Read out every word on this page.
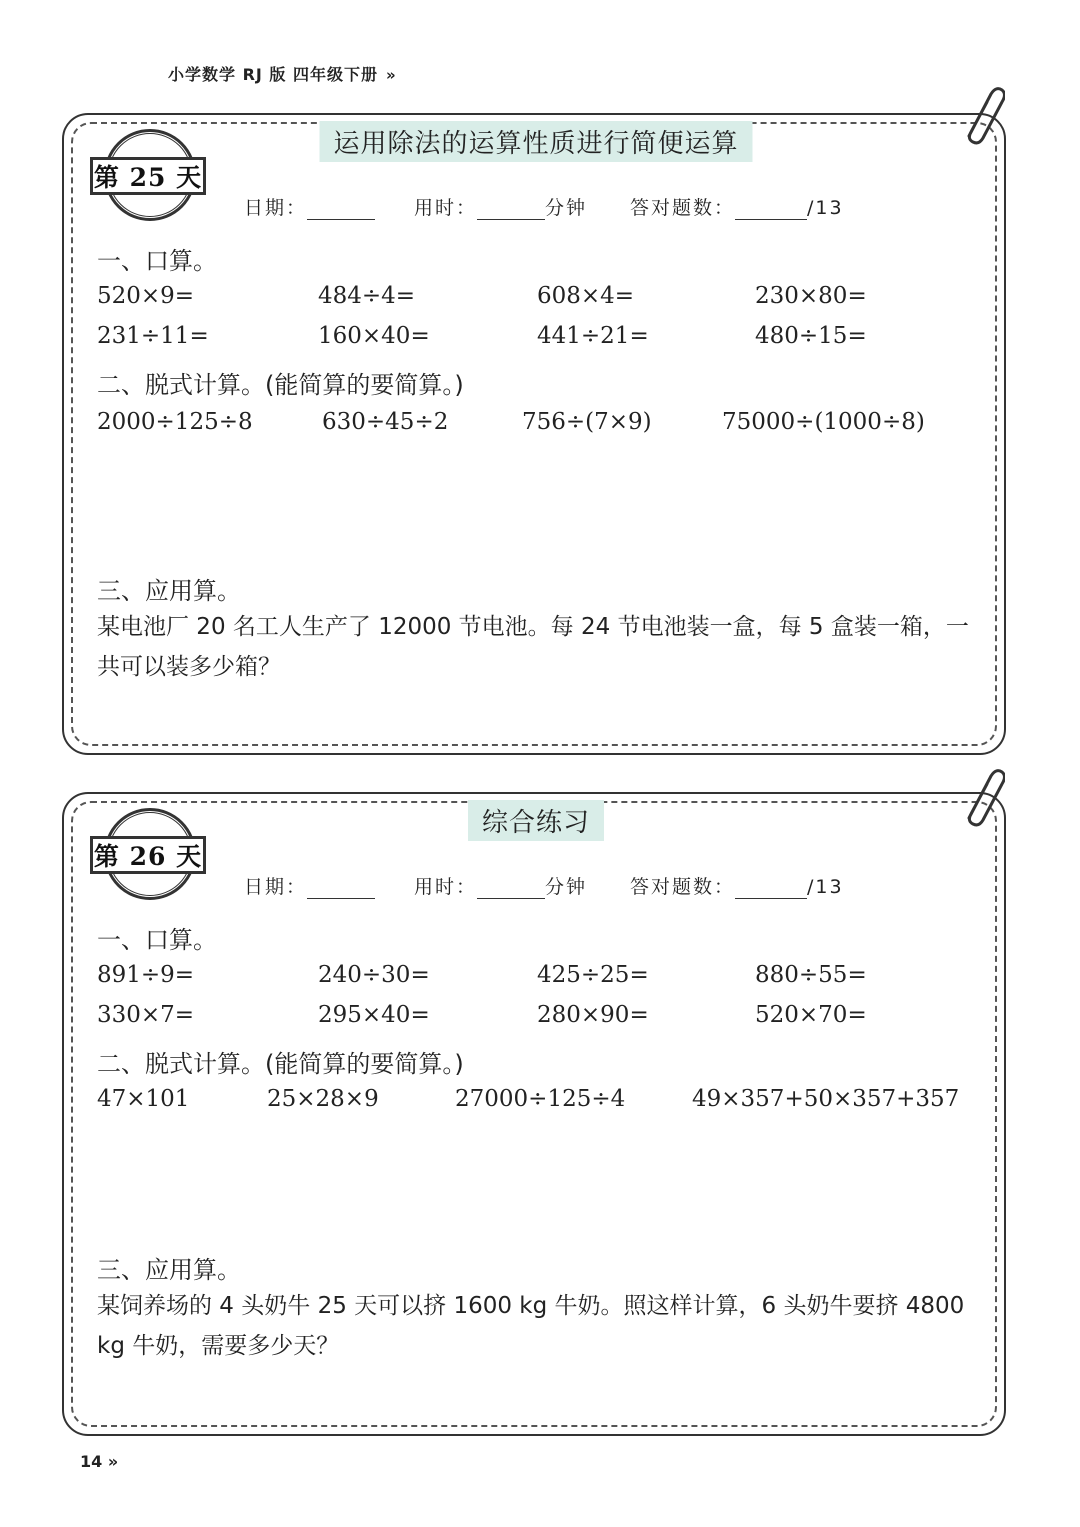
小学数学 RJ 版 四年级下册 »
运用除法的运算性质进行简便运算
第 25 天
日期：	用时：	分钟 答对题数：	/13
一、口算。
520×9=	484÷4=	608×4=	230×80=
231÷11=	160×40=	441÷21=	480÷15=
二、脱式计算。(能简算的要简算。)
2000÷125÷8	630÷45÷2	756÷(7×9)	75000÷(1000÷8)
三、应用算。
某电池厂 20 名工人生产了 12000 节电池。每 24 节电池装一盒，每 5 盒装一箱，一共可以装多少箱？
综合练习
第 26 天
日期：	用时：	分钟 答对题数：	/13
一、口算。
891÷9=	240÷30=	425÷25=	880÷55=
330×7=	295×40=	280×90=	520×70=
二、脱式计算。(能简算的要简算。)
47×101	25×28×9	27000÷125÷4	49×357+50×357+357
三、应用算。
某饲养场的 4 头奶牛 25 天可以挤 1600 kg 牛奶。照这样计算，6 头奶牛要挤 4800 kg 牛奶，需要多少天？
14 »
